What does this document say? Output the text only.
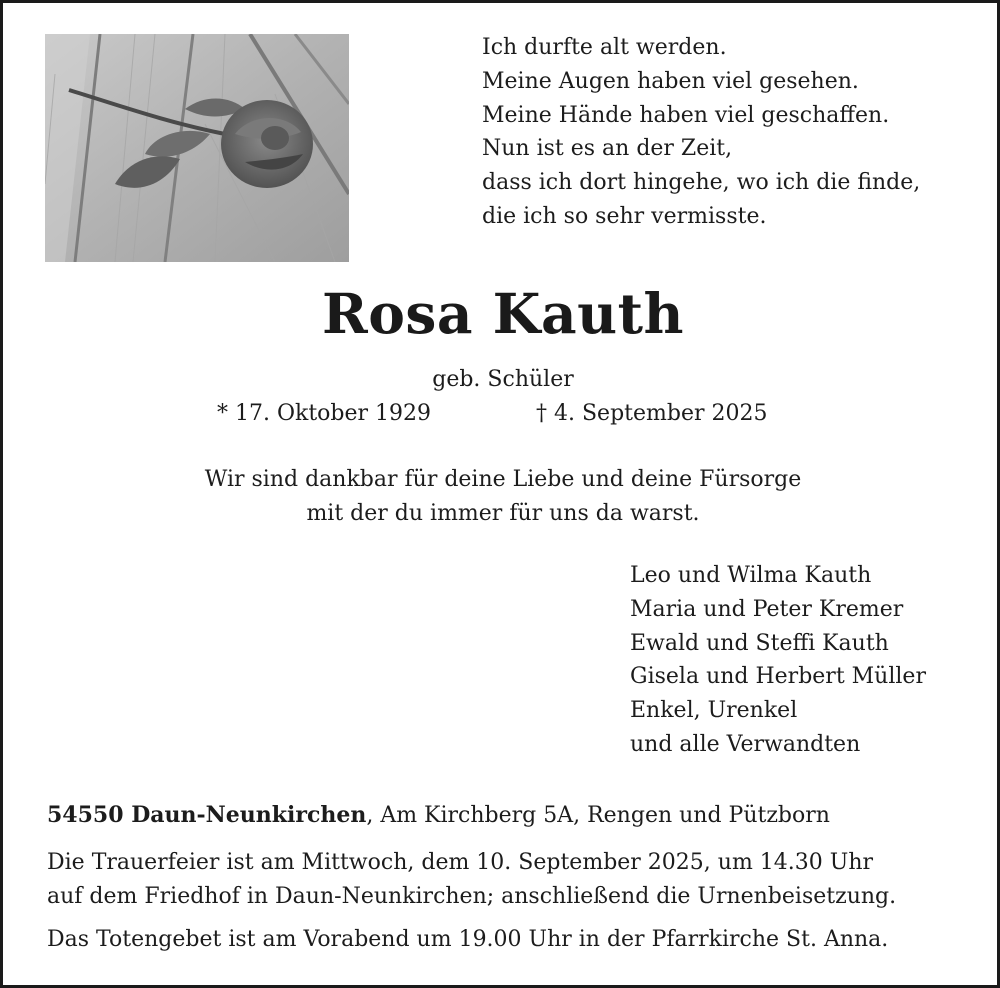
Ich durfte alt werden.
Meine Augen haben viel gesehen.
Meine Hände haben viel geschaffen.
Nun ist es an der Zeit,
dass ich dort hingehe, wo ich die finde,
die ich so sehr vermisste.
Rosa Kauth
geb. Schüler
* 17. Oktober 1929	† 4. September 2025
Wir sind dankbar für deine Liebe und deine Fürsorge
mit der du immer für uns da warst.
Leo und Wilma Kauth
Maria und Peter Kremer
Ewald und Steffi Kauth
Gisela und Herbert Müller
Enkel, Urenkel
und alle Verwandten
54550 Daun-Neunkirchen, Am Kirchberg 5A, Rengen und Pützborn
Die Trauerfeier ist am Mittwoch, dem 10. September 2025, um 14.30 Uhr
auf dem Friedhof in Daun-Neunkirchen; anschließend die Urnenbeisetzung.
Das Totengebet ist am Vorabend um 19.00 Uhr in der Pfarrkirche St. Anna.
